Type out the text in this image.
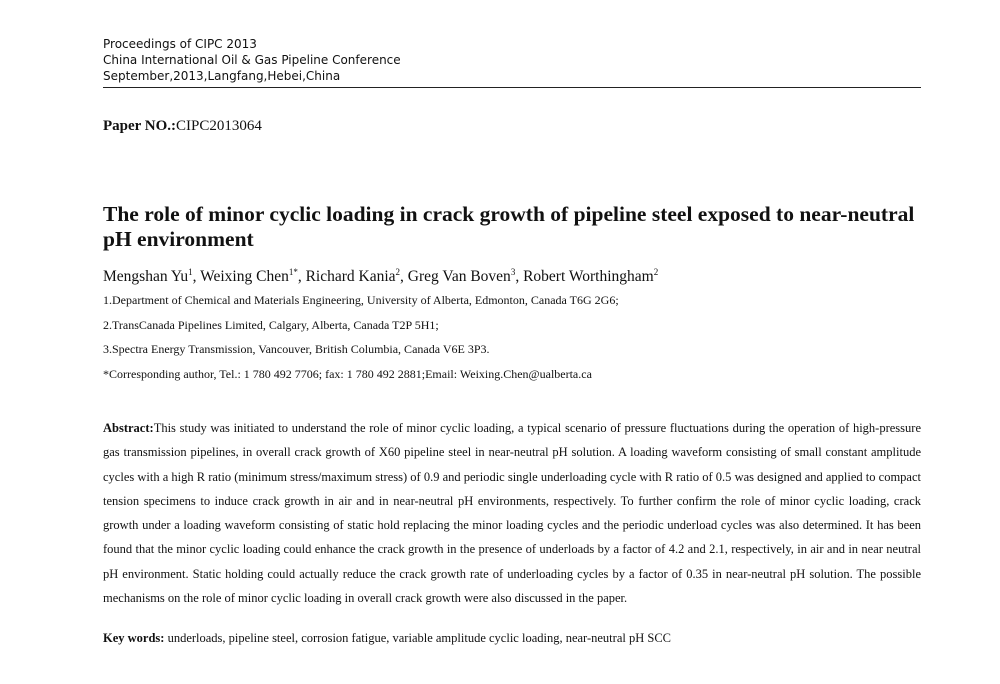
Proceedings of CIPC 2013
China International Oil & Gas Pipeline Conference
September,2013,Langfang,Hebei,China
Paper NO.:CIPC2013064
The role of minor cyclic loading in crack growth of pipeline steel exposed to near-neutral pH environment
Mengshan Yu$^1$, Weixing Chen$^{1*}$, Richard Kania$^2$, Greg Van Boven$^3$, Robert Worthingham$^2$
1.Department of Chemical and Materials Engineering, University of Alberta, Edmonton, Canada T6G 2G6;
2.TransCanada Pipelines Limited, Calgary, Alberta, Canada T2P 5H1;
3.Spectra Energy Transmission, Vancouver, British Columbia, Canada V6E 3P3.
*Corresponding author, Tel.: 1 780 492 7706; fax: 1 780 492 2881;Email: Weixing.Chen@ualberta.ca
Abstract:This study was initiated to understand the role of minor cyclic loading, a typical scenario of pressure fluctuations during the operation of high-pressure gas transmission pipelines, in overall crack growth of X60 pipeline steel in near-neutral pH solution. A loading waveform consisting of small constant amplitude cycles with a high R ratio (minimum stress/maximum stress) of 0.9 and periodic single underloading cycle with R ratio of 0.5 was designed and applied to compact tension specimens to induce crack growth in air and in near-neutral pH environments, respectively. To further confirm the role of minor cyclic loading, crack growth under a loading waveform consisting of static hold replacing the minor loading cycles and the periodic underload cycles was also determined. It has been found that the minor cyclic loading could enhance the crack growth in the presence of underloads by a factor of 4.2 and 2.1, respectively, in air and in near neutral pH environment. Static holding could actually reduce the crack growth rate of underloading cycles by a factor of 0.35 in near-neutral pH solution. The possible mechanisms on the role of minor cyclic loading in overall crack growth were also discussed in the paper.
Key words: underloads, pipeline steel, corrosion fatigue, variable amplitude cyclic loading, near-neutral pH SCC
